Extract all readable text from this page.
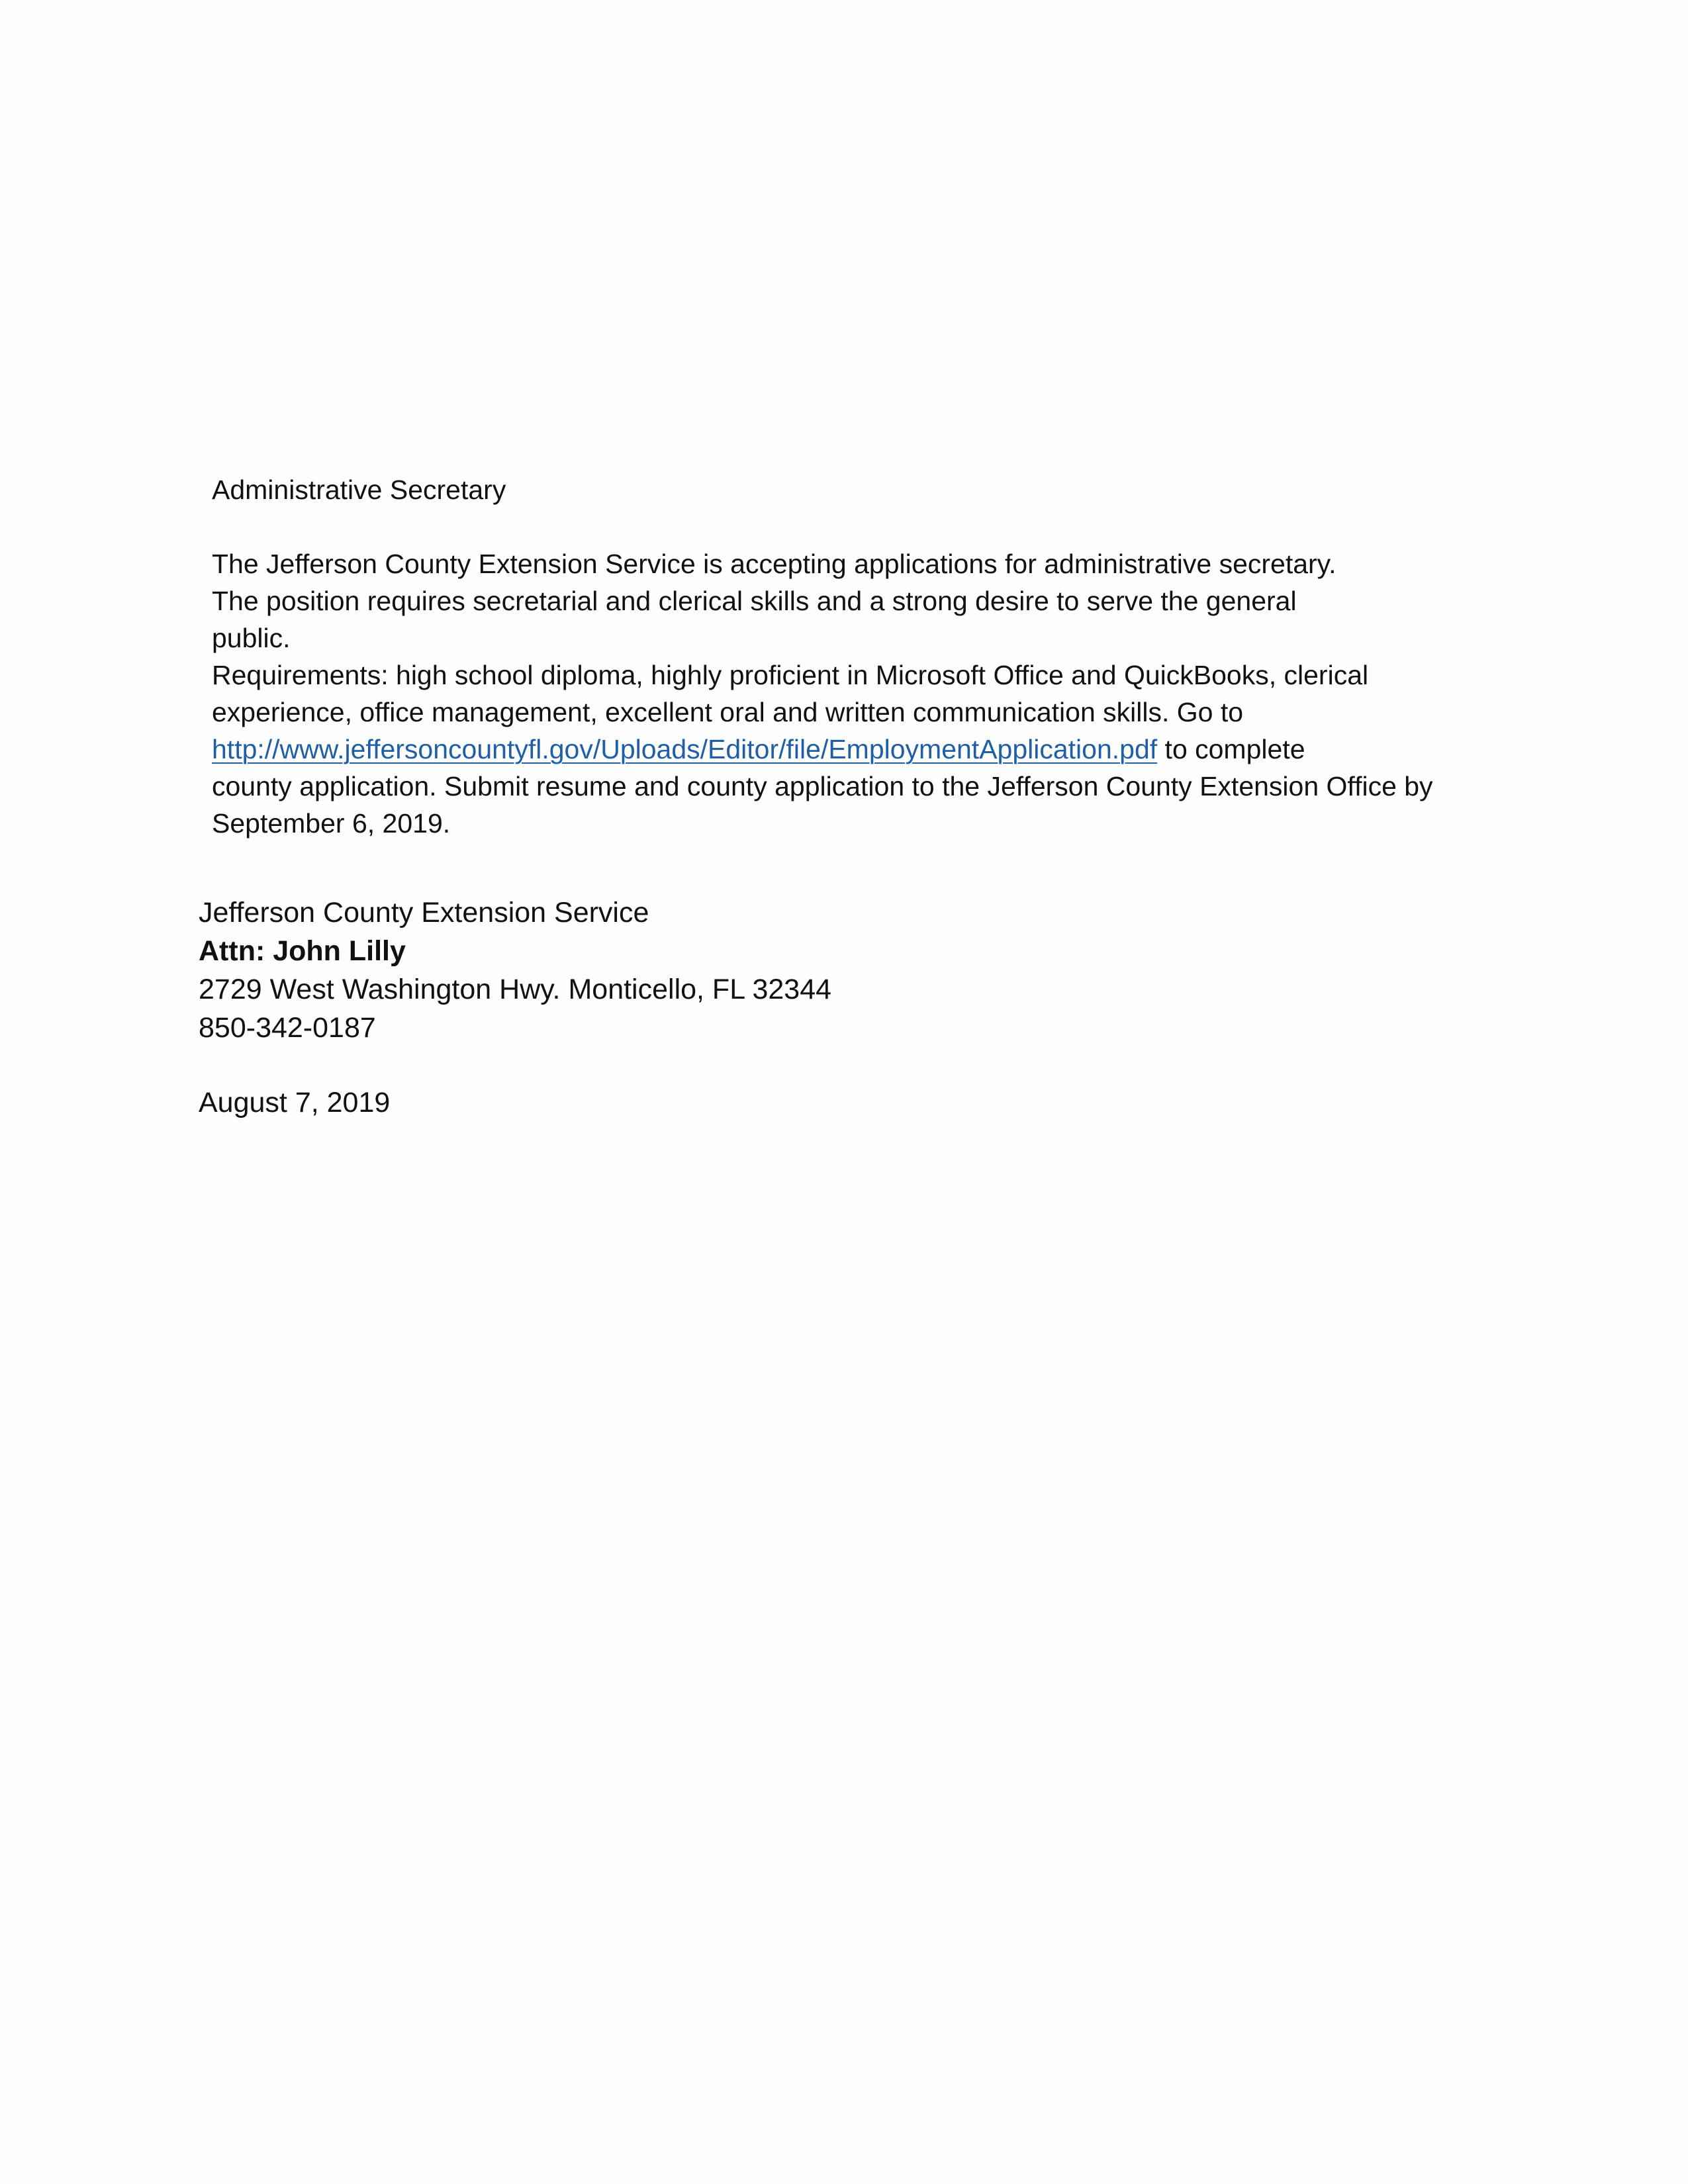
Administrative Secretary

The Jefferson County Extension Service is accepting applications for administrative secretary.
The position requires secretarial and clerical skills and a strong desire to serve the general
public.
Requirements: high school diploma, highly proficient in Microsoft Office and QuickBooks, clerical
experience, office management, excellent oral and written communication skills. Go to
http://www.jeffersoncountyfl.gov/Uploads/Editor/file/EmploymentApplication.pdf to complete
county application. Submit resume and county application to the Jefferson County Extension Office by
September 6, 2019.
Jefferson County Extension Service
Attn: John Lilly
2729 West Washington Hwy. Monticello, FL 32344
850-342-0187
August 7, 2019
